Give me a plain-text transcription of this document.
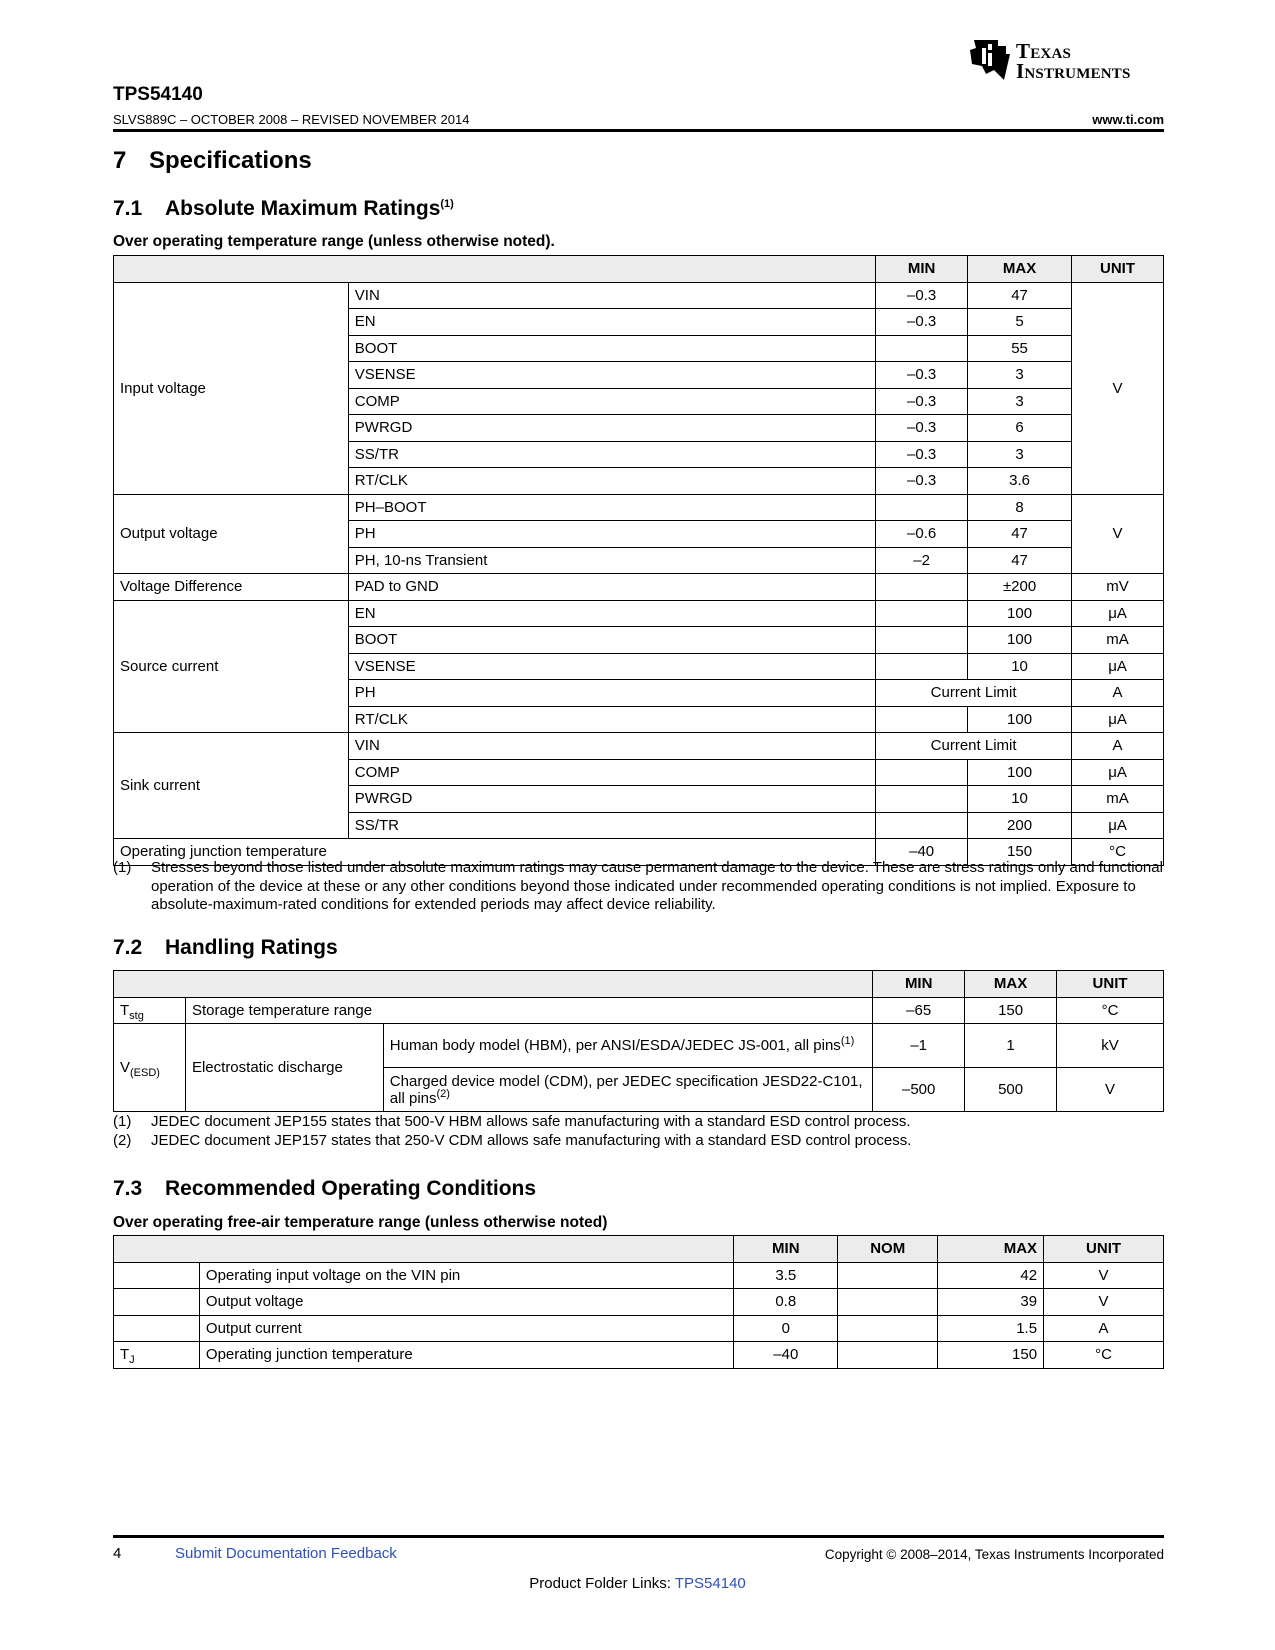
Texas
Instruments
TPS54140
SLVS889C – OCTOBER 2008 – REVISED NOVEMBER 2014	www.ti.com
7 Specifications
7.1 Absolute Maximum Ratings$^{(1)}$
Over operating temperature range (unless otherwise noted).
		MIN	MAX	UNIT
Input voltage	VIN	–0.3	47	V
	EN	–0.3	5	
	BOOT		55	
	VSENSE	–0.3	3	
	COMP	–0.3	3	
	PWRGD	–0.3	6	
	SS/TR	–0.3	3	
	RT/CLK	–0.3	3.6	
Output voltage	PH–BOOT		8	V
	PH	–0.6	47	
	PH, 10-ns Transient	–2	47	
Voltage Difference	PAD to GND		±200	mV
Source current	EN		100	μA
	BOOT		100	mA
	VSENSE		10	μA
	PH	Current Limit		A
	RT/CLK		100	μA
Sink current	VIN	Current Limit		A
	COMP		100	μA
	PWRGD		10	mA
	SS/TR		200	μA
Operating junction temperature		–40	150	°C
(1) Stresses beyond those listed under absolute maximum ratings may cause permanent damage to the device. These are stress ratings only and functional operation of the device at these or any other conditions beyond those indicated under recommended operating conditions is not implied. Exposure to absolute-maximum-rated conditions for extended periods may affect device reliability.
7.2 Handling Ratings
			MIN	MAX	UNIT
$T_{stg}$	Storage temperature range		–65	150	°C
$V_{(ESD)}$	Electrostatic discharge	Human body model (HBM), per ANSI/ESDA/JEDEC JS-001, all pins$^{(1)}$	–1	1	kV
		Charged device model (CDM), per JEDEC specification JESD22-C101, all pins$^{(2)}$	–500	500	V
(1) JEDEC document JEP155 states that 500-V HBM allows safe manufacturing with a standard ESD control process.
(2) JEDEC document JEP157 states that 250-V CDM allows safe manufacturing with a standard ESD control process.
7.3 Recommended Operating Conditions
Over operating free-air temperature range (unless otherwise noted)
		MIN	NOM	MAX	UNIT
	Operating input voltage on the VIN pin	3.5		42	V
	Output voltage	0.8		39	V
	Output current	0		1.5	A
$T_J$	Operating junction temperature	–40		150	°C
4	Submit Documentation Feedback	Copyright © 2008–2014, Texas Instruments Incorporated
Product Folder Links: TPS54140
